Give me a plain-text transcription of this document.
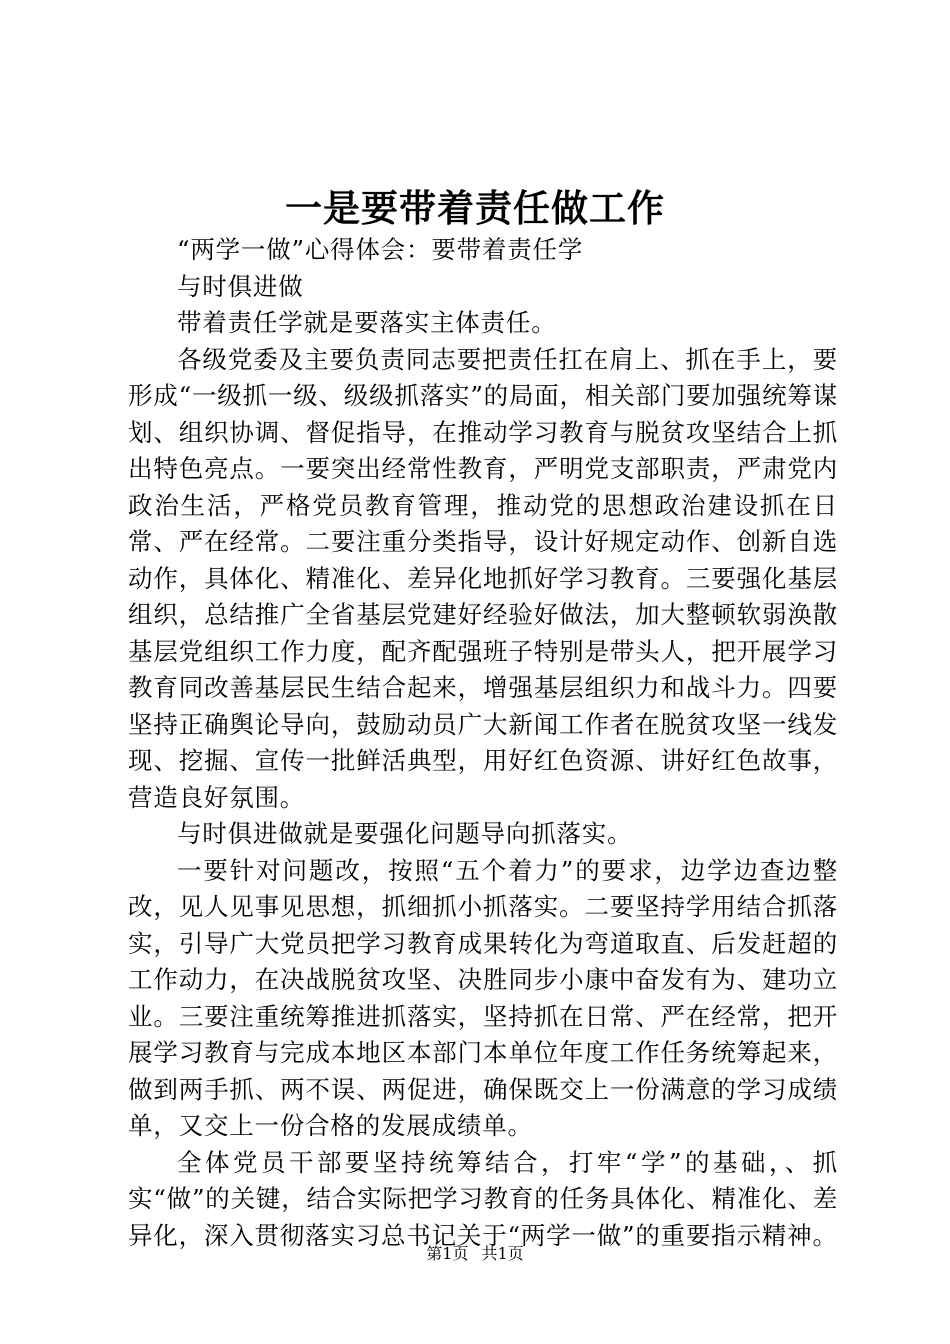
一是要带着责任做工作

“两学一做”心得体会：要带着责任学

与时俱进做

带着责任学就是要落实主体责任。

各级党委及主要负责同志要把责任扛在肩上、抓在手上，要形成“一级抓一级、级级抓落实”的局面，相关部门要加强统筹谋划、组织协调、督促指导，在推动学习教育与脱贫攻坚结合上抓出特色亮点。一要突出经常性教育，严明党支部职责，严肃党内政治生活，严格党员教育管理，推动党的思想政治建设抓在日常、严在经常。二要注重分类指导，设计好规定动作、创新自选动作，具体化、精准化、差异化地抓好学习教育。三要强化基层组织，总结推广全省基层党建好经验好做法，加大整顿软弱涣散基层党组织工作力度，配齐配强班子特别是带头人，把开展学习教育同改善基层民生结合起来，增强基层组织力和战斗力。四要坚持正确舆论导向，鼓励动员广大新闻工作者在脱贫攻坚一线发现、挖掘、宣传一批鲜活典型，用好红色资源、讲好红色故事，营造良好氛围。

与时俱进做就是要强化问题导向抓落实。

一要针对问题改，按照“五个着力”的要求，边学边查边整改，见人见事见思想，抓细抓小抓落实。二要坚持学用结合抓落实，引导广大党员把学习教育成果转化为弯道取直、后发赶超的工作动力，在决战脱贫攻坚、决胜同步小康中奋发有为、建功立业。三要注重统筹推进抓落实，坚持抓在日常、严在经常，把开展学习教育与完成本地区本部门本单位年度工作任务统筹起来，做到两手抓、两不误、两促进，确保既交上一份满意的学习成绩单，又交上一份合格的发展成绩单。

全体党员干部要坚持统筹结合，打牢“学”的基础，、抓实“做”的关键，结合实际把学习教育的任务具体化、精准化、差异化，深入贯彻落实习总书记关于“两学一做”的重要指示精神。

第1页 共1页
